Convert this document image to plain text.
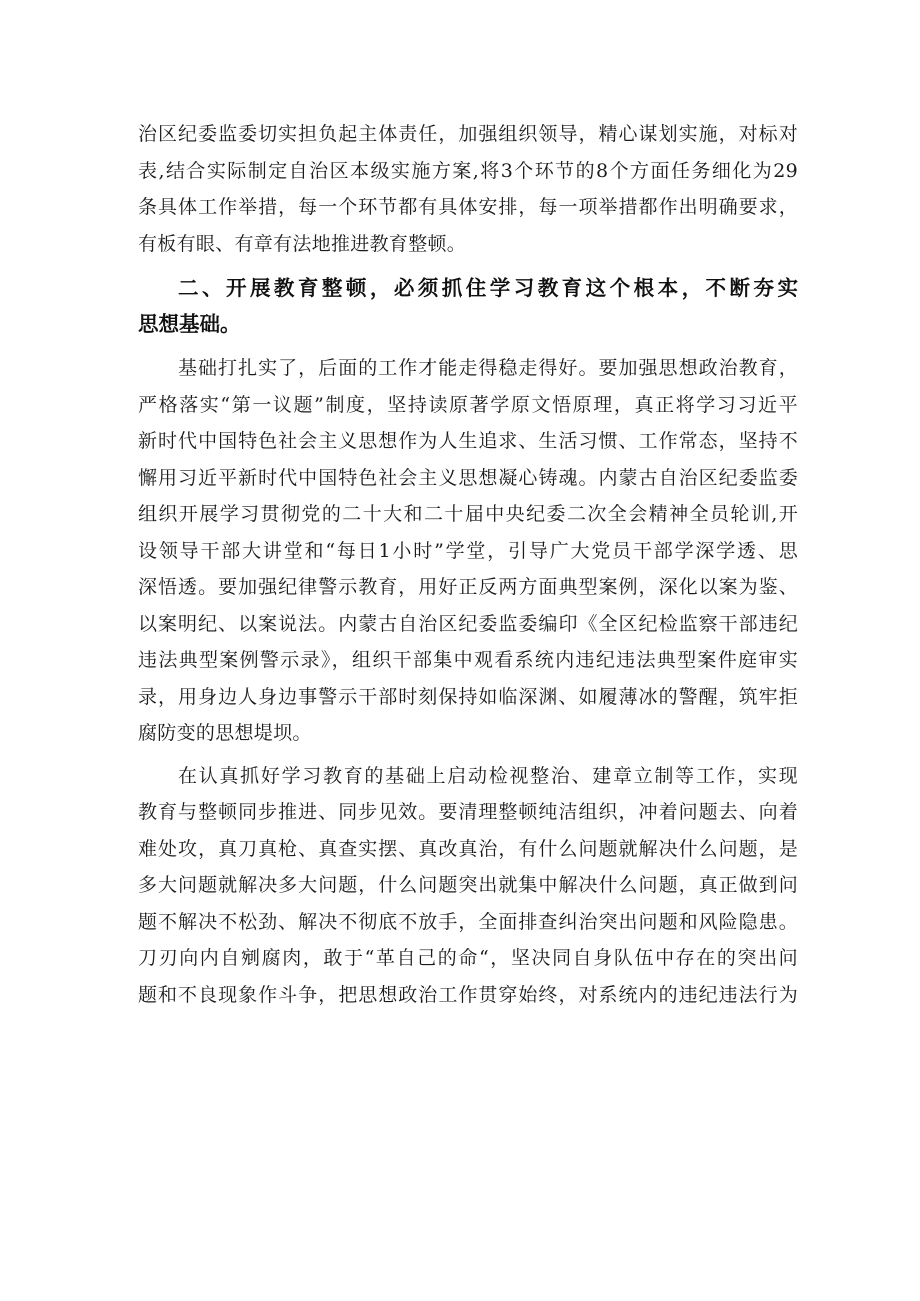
治区纪委监委切实担负起主体责任，加强组织领导，精心谋划实施，对标对
表,结合实际制定自治区本级实施方案,将3个环节的8个方面任务细化为29
条具体工作举措，每一个环节都有具体安排，每一项举措都作出明确要求，
有板有眼、有章有法地推进教育整顿。
二、开展教育整顿，必须抓住学习教育这个根本，不断夯实
思想基础。
基础打扎实了，后面的工作才能走得稳走得好。要加强思想政治教育，
严格落实“第一议题”制度，坚持读原著学原文悟原理，真正将学习习近平
新时代中国特色社会主义思想作为人生追求、生活习惯、工作常态，坚持不
懈用习近平新时代中国特色社会主义思想凝心铸魂。内蒙古自治区纪委监委
组织开展学习贯彻党的二十大和二十届中央纪委二次全会精神全员轮训,开
设领导干部大讲堂和“每日1小时”学堂，引导广大党员干部学深学透、思
深悟透。要加强纪律警示教育，用好正反两方面典型案例，深化以案为鉴、
以案明纪、以案说法。内蒙古自治区纪委监委编印《全区纪检监察干部违纪
违法典型案例警示录》，组织干部集中观看系统内违纪违法典型案件庭审实
录，用身边人身边事警示干部时刻保持如临深渊、如履薄冰的警醒，筑牢拒
腐防变的思想堤坝。
在认真抓好学习教育的基础上启动检视整治、建章立制等工作，实现
教育与整顿同步推进、同步见效。要清理整顿纯洁组织，冲着问题去、向着
难处攻，真刀真枪、真查实摆、真改真治，有什么问题就解决什么问题，是
多大问题就解决多大问题，什么问题突出就集中解决什么问题，真正做到问
题不解决不松劲、解决不彻底不放手，全面排查纠治突出问题和风险隐患。
刀刃向内自剜腐肉，敢于“革自己的命“，坚决同自身队伍中存在的突出问
题和不良现象作斗争，把思想政治工作贯穿始终，对系统内的违纪违法行为
